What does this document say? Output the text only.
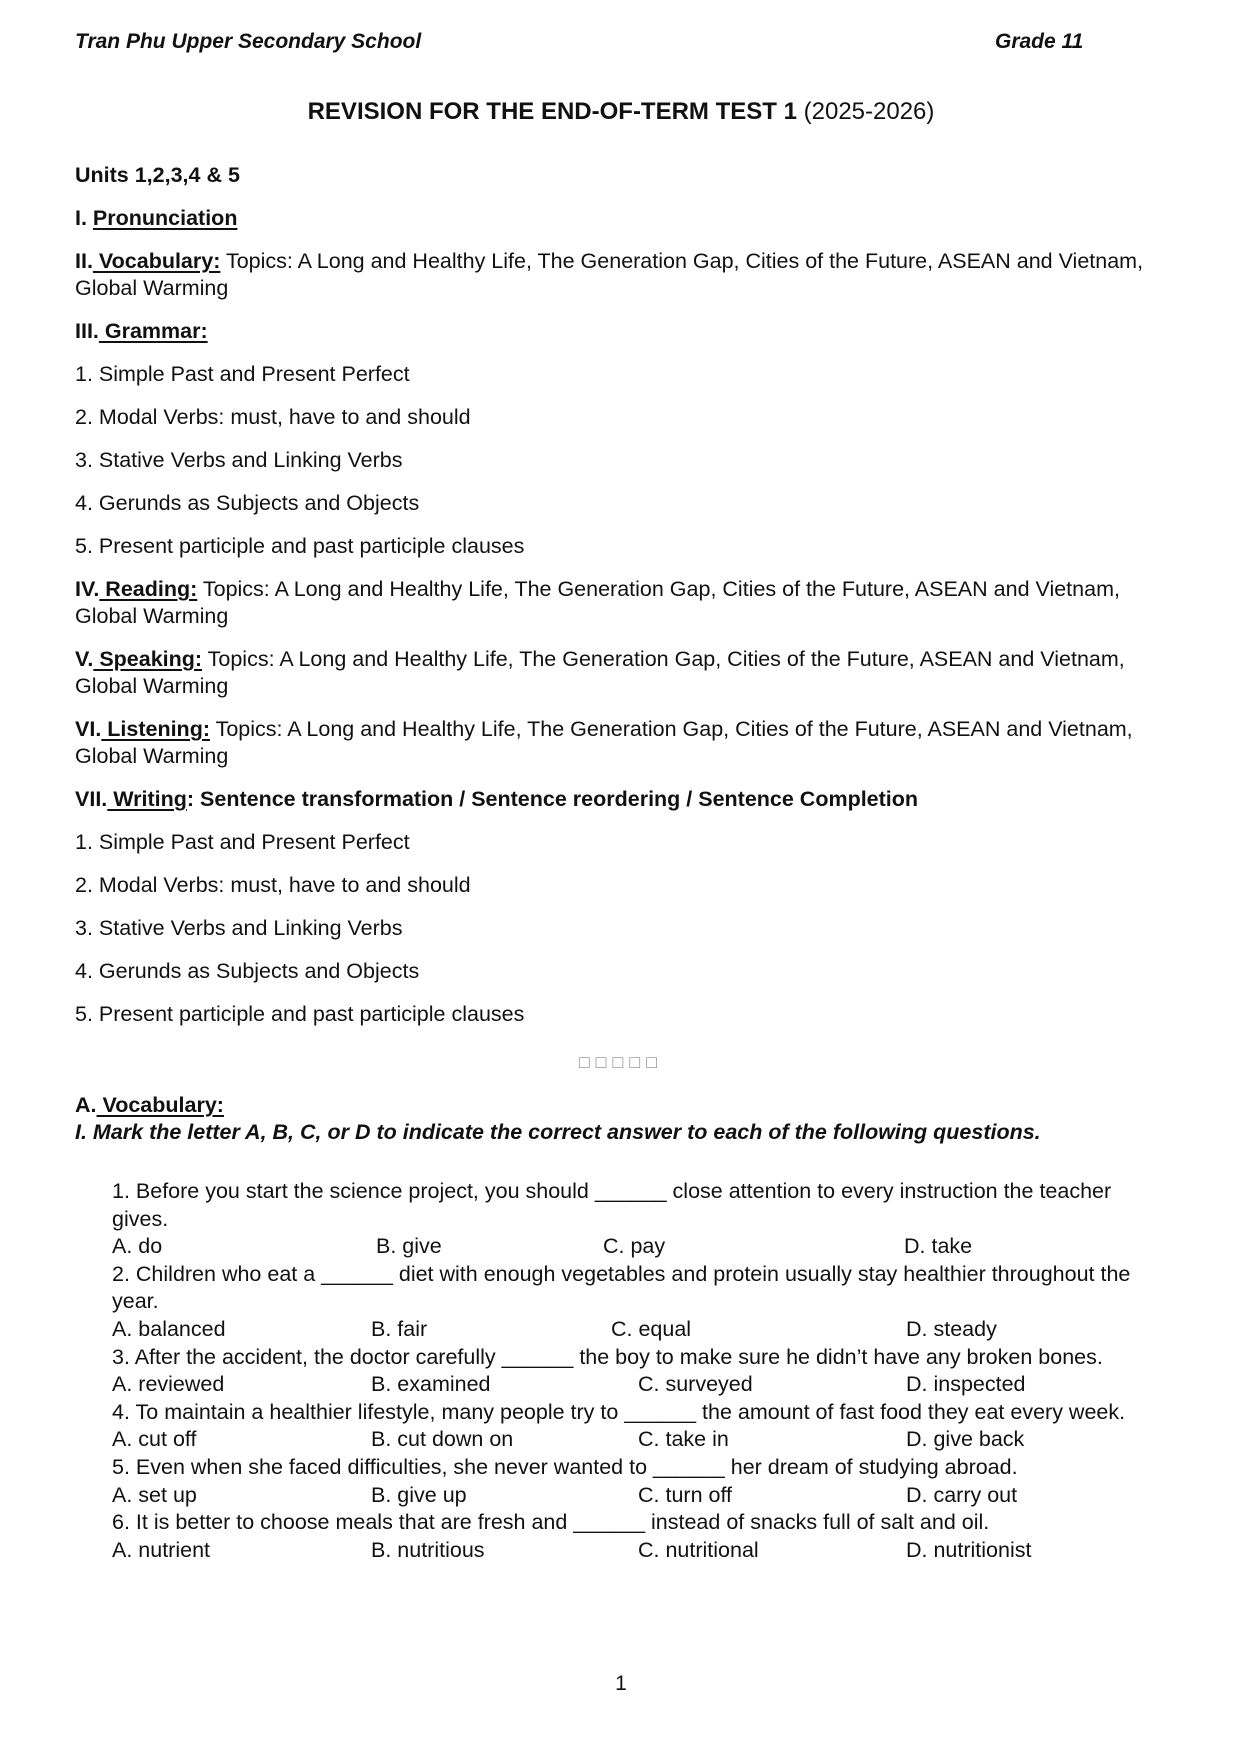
Tran Phu Upper Secondary School	Grade 11
REVISION FOR THE END-OF-TERM TEST 1 (2025-2026)
Units 1,2,3,4 & 5
I. Pronunciation
II. Vocabulary: Topics: A Long and Healthy Life, The Generation Gap, Cities of the Future, ASEAN and Vietnam, Global Warming
III. Grammar:
1. Simple Past and Present Perfect
2. Modal Verbs: must, have to and should
3. Stative Verbs and Linking Verbs
4. Gerunds as Subjects and Objects
5. Present participle and past participle clauses
IV. Reading: Topics: A Long and Healthy Life, The Generation Gap, Cities of the Future, ASEAN and Vietnam, Global Warming
V. Speaking: Topics: A Long and Healthy Life, The Generation Gap, Cities of the Future, ASEAN and Vietnam, Global Warming
VI. Listening: Topics: A Long and Healthy Life, The Generation Gap, Cities of the Future, ASEAN and Vietnam, Global Warming
VII. Writing: Sentence transformation / Sentence reordering / Sentence Completion
1. Simple Past and Present Perfect
2. Modal Verbs: must, have to and should
3. Stative Verbs and Linking Verbs
4. Gerunds as Subjects and Objects
5. Present participle and past participle clauses
□□□□□
A. Vocabulary:
I. Mark the letter A, B, C, or D to indicate the correct answer to each of the following questions.

1. Before you start the science project, you should ______ close attention to every instruction the teacher gives.

A. do	B. give	C. pay	D. take

2. Children who eat a ______ diet with enough vegetables and protein usually stay healthier throughout the year.

A. balanced	B. fair	C. equal	D. steady

3. After the accident, the doctor carefully ______ the boy to make sure he didn’t have any broken bones.

A. reviewed	B. examined	C. surveyed	D. inspected

4. To maintain a healthier lifestyle, many people try to ______ the amount of fast food they eat every week.

A. cut off	B. cut down on	C. take in	D. give back

5. Even when she faced difficulties, she never wanted to ______ her dream of studying abroad.

A. set up	B. give up	C. turn off	D. carry out

6. It is better to choose meals that are fresh and ______ instead of snacks full of salt and oil.

A. nutrient	B. nutritious	C. nutritional	D. nutritionist
1
